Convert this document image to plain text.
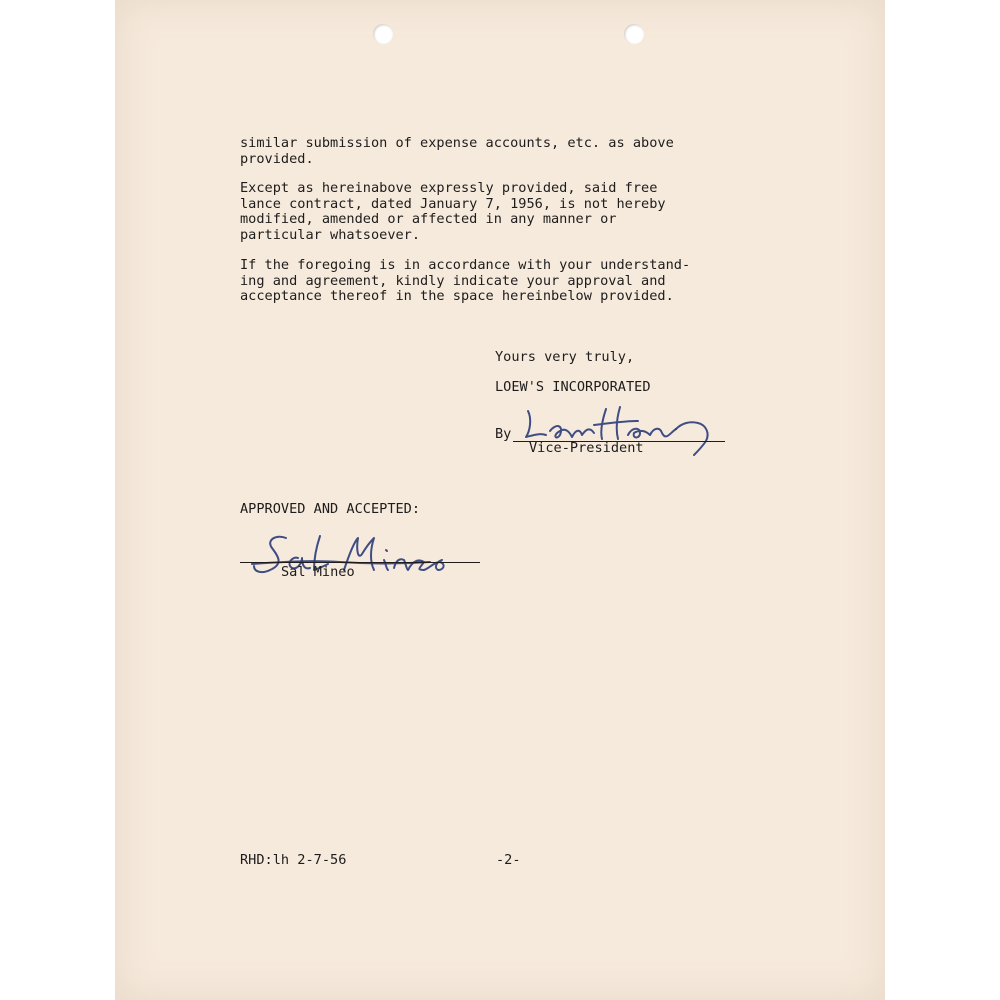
similar submission of expense accounts, etc. as above
provided.

Except as hereinabove expressly provided, said free
lance contract, dated January 7, 1956, is not hereby
modified, amended or affected in any manner or
particular whatsoever.

If the foregoing is in accordance with your understand-
ing and agreement, kindly indicate your approval and
acceptance thereof in the space hereinbelow provided.

Yours very truly,

LOEW'S INCORPORATED

By

Vice-President

APPROVED AND ACCEPTED:

Sal Mineo

RHD:lh 2-7-56	-2-
